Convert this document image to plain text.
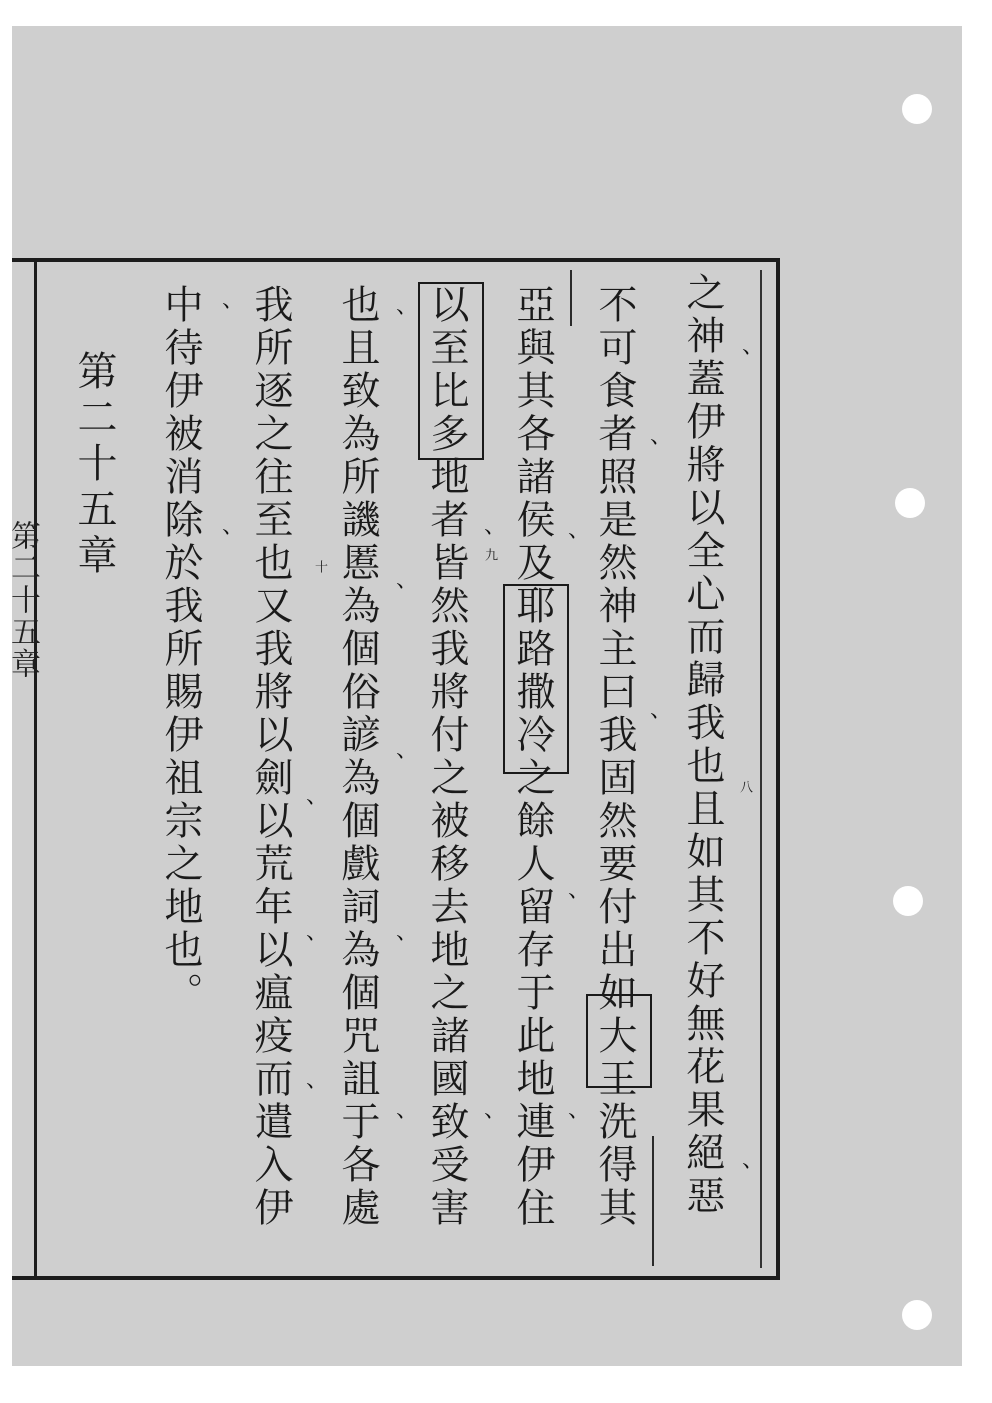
第二十五章	之神蓋伊將以全心而歸我也且如其不好無花果絕惡
不可食者照是然神主曰我固然要付出如大王洗得其
亞與其各諸侯及耶路撒冷之餘人留存于此地連伊住
以至比多地者皆然我將付之被移去地之諸國致受害
也且致為所譏慝為個俗諺為個戲詞為個咒詛于各處
我所逐之往至也又我將以劍以荒年以瘟疫而遣入伊
中待伊被消除於我所賜伊祖宗之地也。
第二十五章
八
九
十
、
、
、
、
、
、
、
、
、
、
、
、
、
、
、
、
、
、
、
